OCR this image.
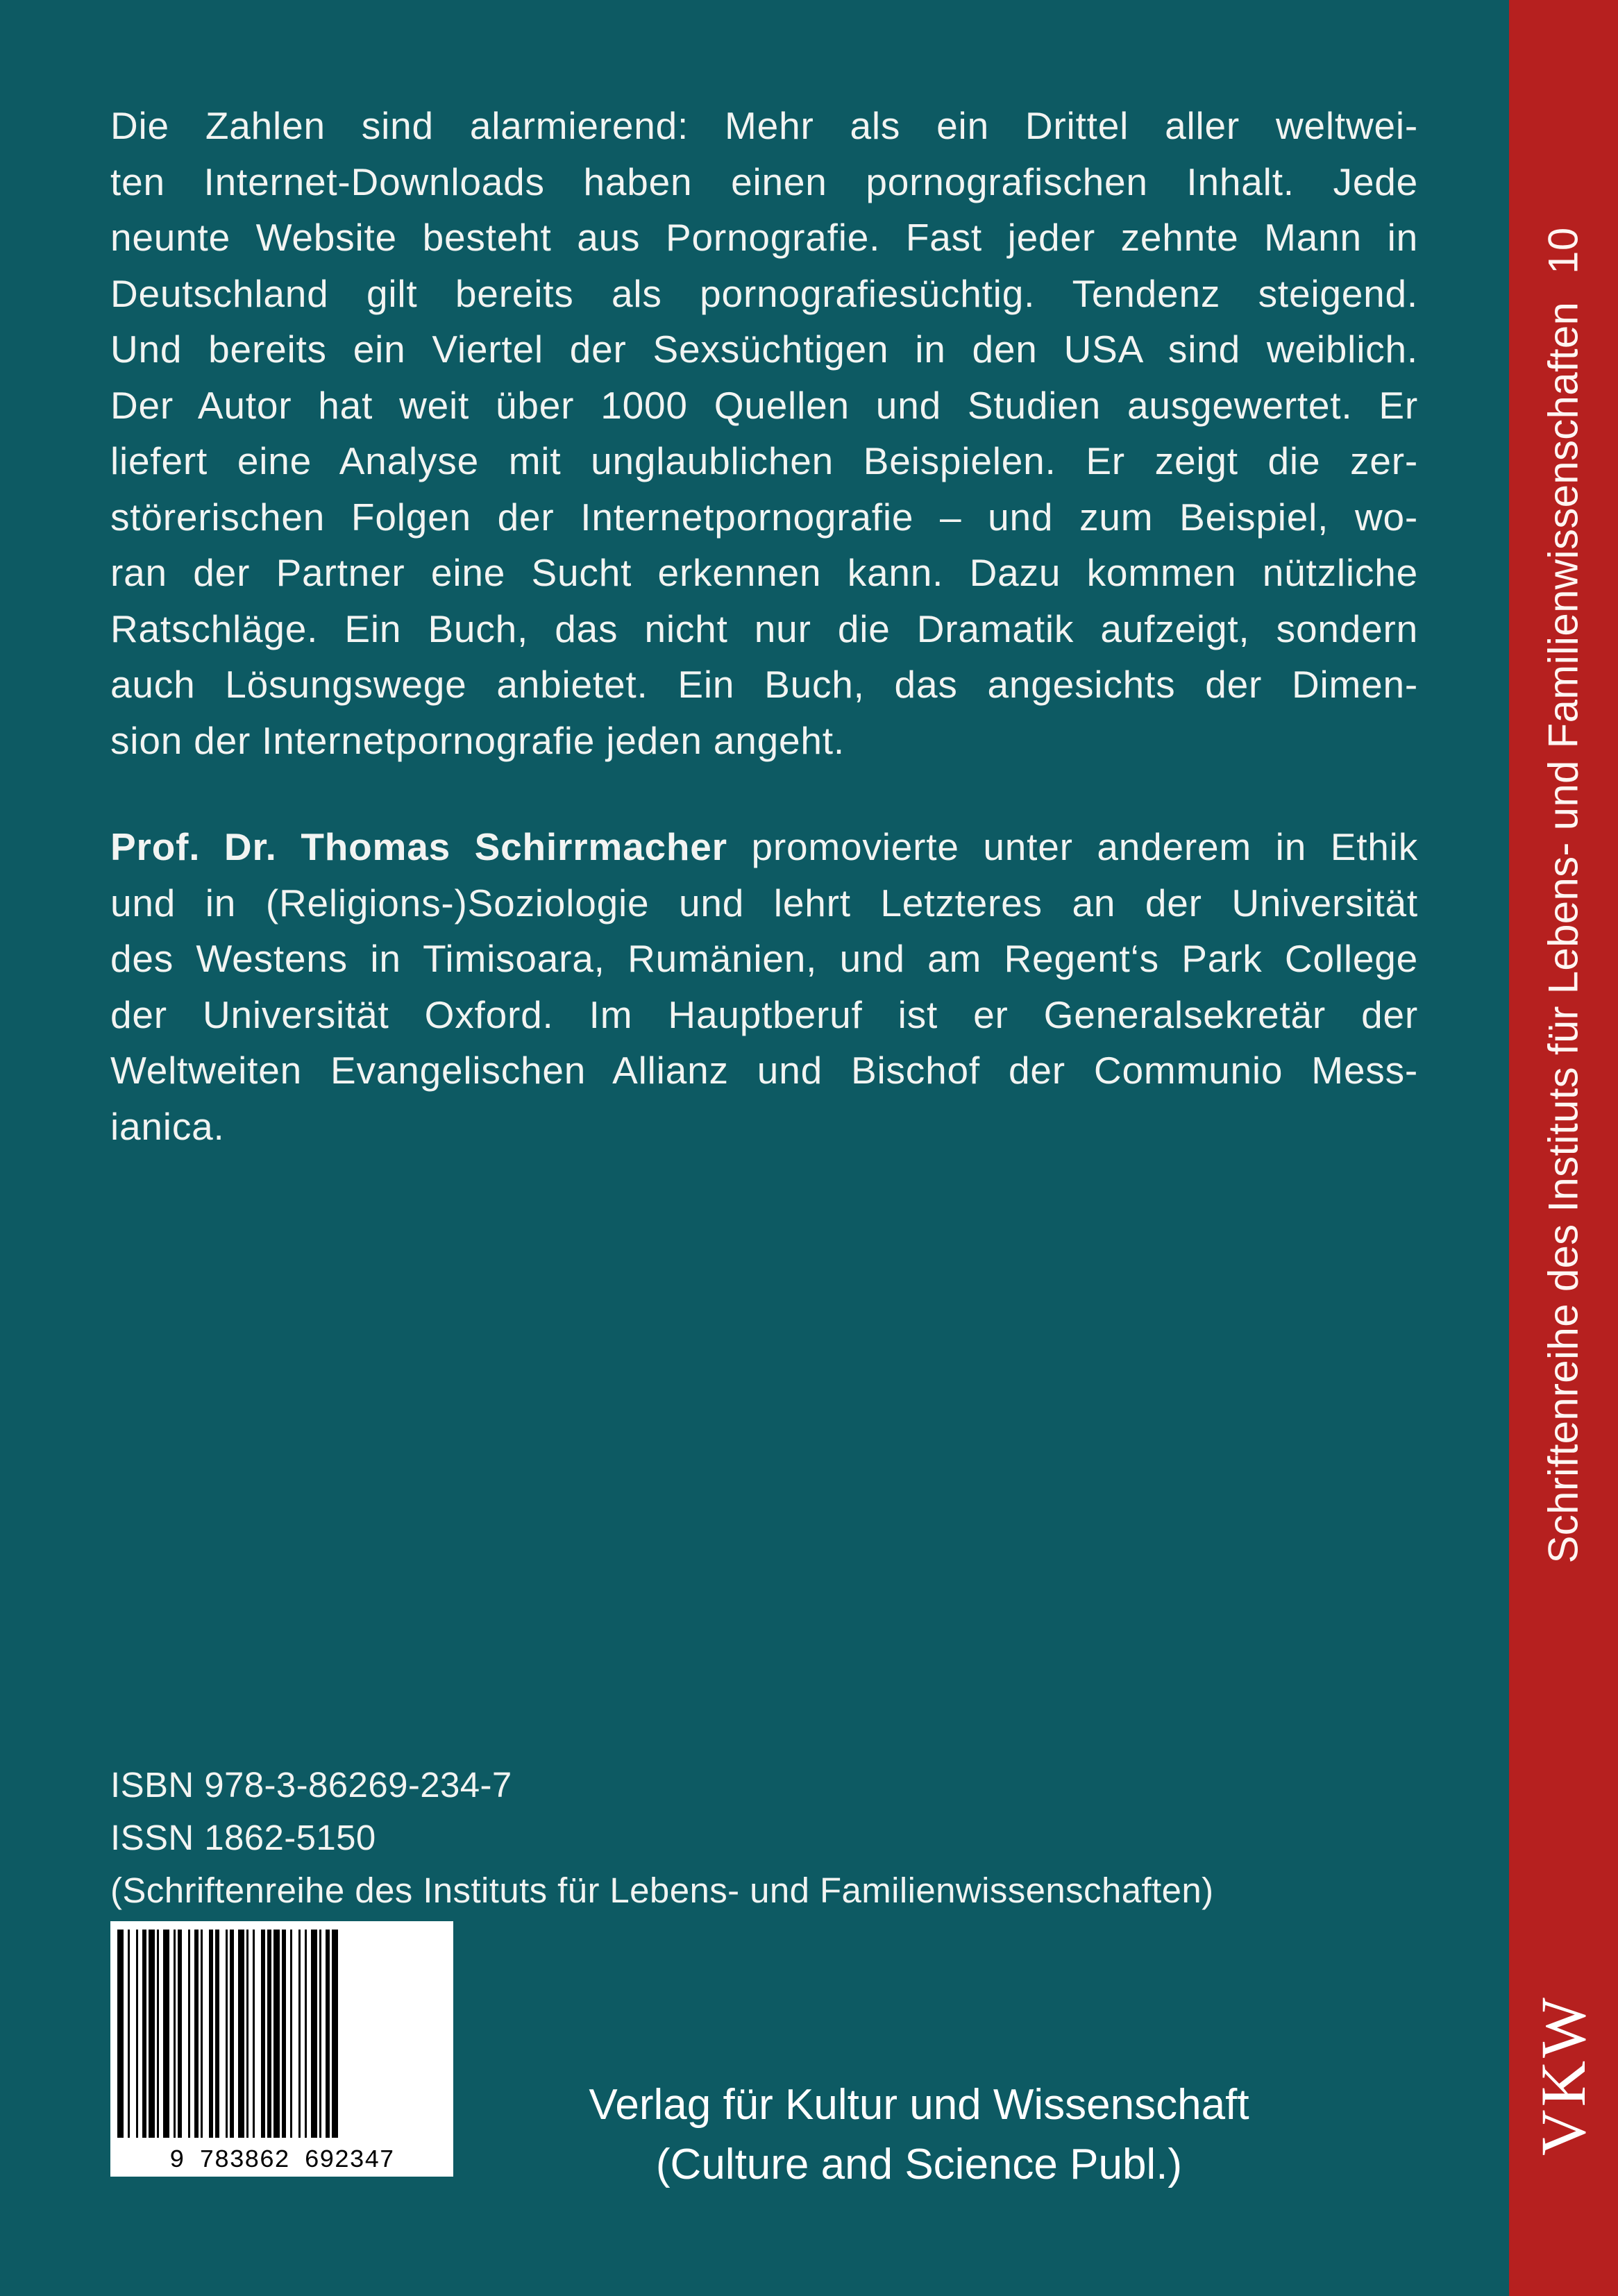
Die Zahlen sind alarmierend: Mehr als ein Drittel aller weltwei-
ten Internet-Downloads haben einen pornografischen Inhalt. Jede
neunte Website besteht aus Pornografie. Fast jeder zehnte Mann in
Deutschland gilt bereits als pornografiesüchtig. Tendenz steigend.
Und bereits ein Viertel der Sexsüchtigen in den USA sind weiblich.
Der Autor hat weit über 1000 Quellen und Studien ausgewertet. Er
liefert eine Analyse mit unglaublichen Beispielen. Er zeigt die zer-
störerischen Folgen der Internetpornografie – und zum Beispiel, wo-
ran der Partner eine Sucht erkennen kann. Dazu kommen nützliche
Ratschläge. Ein Buch, das nicht nur die Dramatik aufzeigt, sondern
auch Lösungswege anbietet. Ein Buch, das angesichts der Dimen-
sion der Internetpornografie jeden angeht.
Prof. Dr. Thomas Schirrmacher promovierte unter anderem in Ethik
und in (Religions-)Soziologie und lehrt Letzteres an der Universität
des Westens in Timisoara, Rumänien, und am Regent‘s Park College
der Universität Oxford. Im Hauptberuf ist er Generalsekretär der
Weltweiten Evangelischen Allianz und Bischof der Communio Mess-
ianica.
ISBN 978-3-86269-234-7
ISSN 1862-5150
(Schriftenreihe des Instituts für Lebens- und Familienwissenschaften)
9 783862 692347
Verlag für Kultur und Wissenschaft
(Culture and Science Publ.)
Schriftenreihe des Instituts für Lebens- und Familienwissenschaften10
VKW
